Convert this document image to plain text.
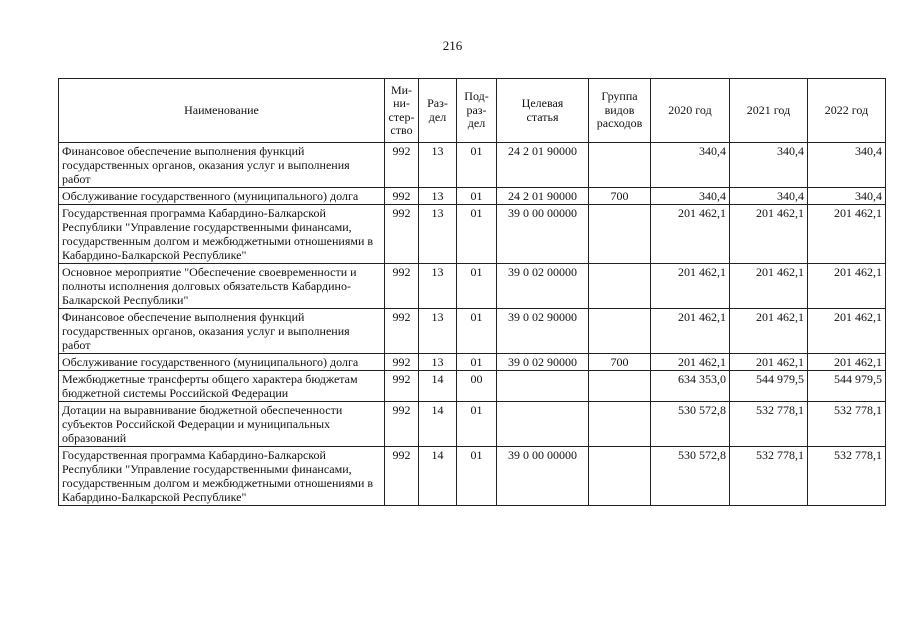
216
Наименование	Ми-
ни-
стер-
ство	Раз-
дел	Под-
раз-
дел	Целевая
статья	Группа
видов
расходов	2020 год	2021 год	2022 год
Финансовое обеспечение выполнения функций государственных органов, оказания услуг и выполнения работ	992	13	01	24 2 01 90000		340,4	340,4	340,4
Обслуживание государственного (муниципального) долга	992	13	01	24 2 01 90000	700	340,4	340,4	340,4
Государственная программа Кабардино-Балкарской Республики "Управление государственными финансами, государственным долгом и межбюджетными отношениями в Кабардино-Балкарской Республике"	992	13	01	39 0 00 00000		201 462,1	201 462,1	201 462,1
Основное мероприятие "Обеспечение своевременности и полноты исполнения долговых обязательств Кабардино-Балкарской Республики"	992	13	01	39 0 02 00000		201 462,1	201 462,1	201 462,1
Финансовое обеспечение выполнения функций государственных органов, оказания услуг и выполнения работ	992	13	01	39 0 02 90000		201 462,1	201 462,1	201 462,1
Обслуживание государственного (муниципального) долга	992	13	01	39 0 02 90000	700	201 462,1	201 462,1	201 462,1
Межбюджетные трансферты общего характера бюджетам бюджетной системы Российской Федерации	992	14	00			634 353,0	544 979,5	544 979,5
Дотации на выравнивание бюджетной обеспеченности субъектов Российской Федерации и муниципальных образований	992	14	01			530 572,8	532 778,1	532 778,1
Государственная программа Кабардино-Балкарской Республики "Управление государственными финансами, государственным долгом и межбюджетными отношениями в Кабардино-Балкарской Республике"	992	14	01	39 0 00 00000		530 572,8	532 778,1	532 778,1
